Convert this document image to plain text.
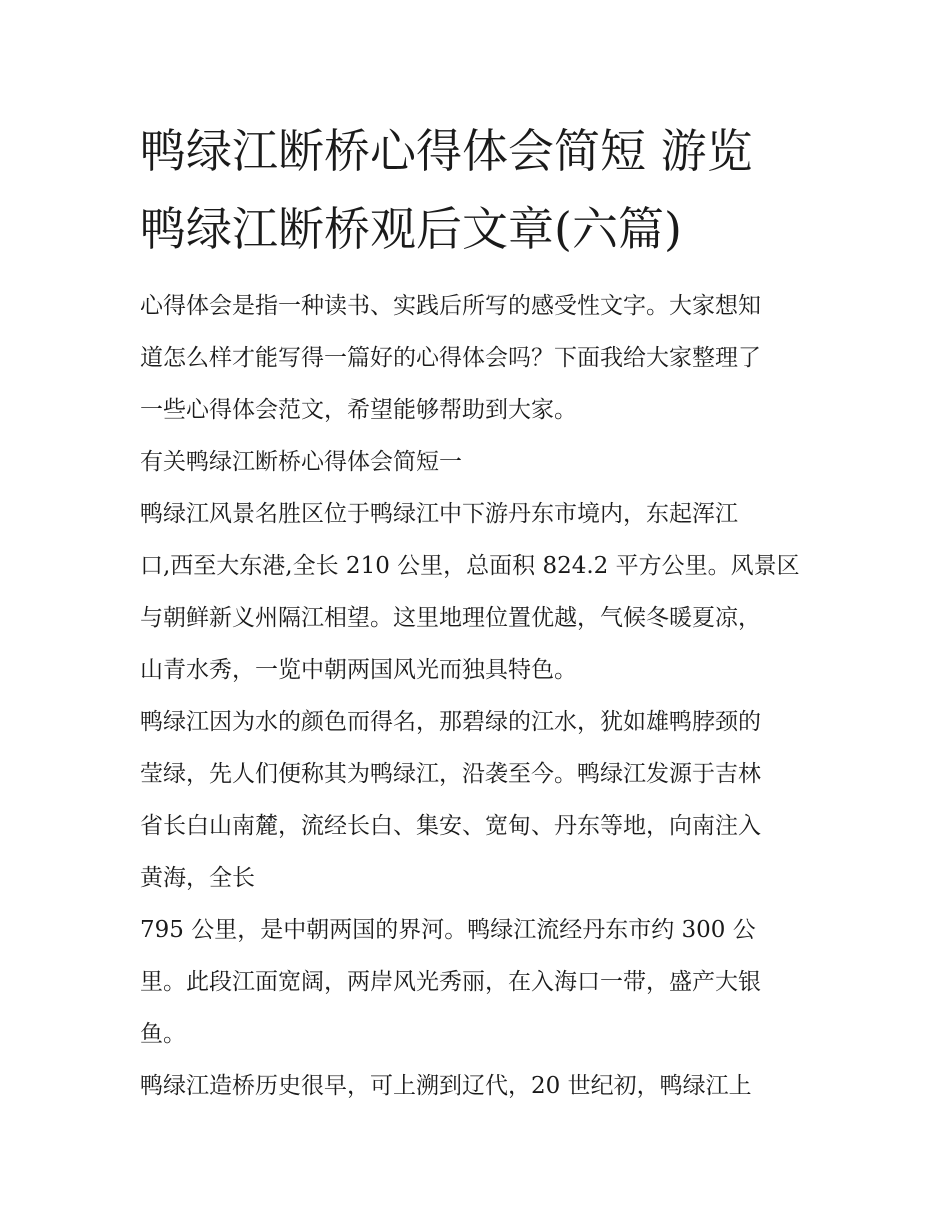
鸭绿江断桥心得体会简短 游览
鸭绿江断桥观后文章(六篇)

心得体会是指一种读书、实践后所写的感受性文字。大家想知
道怎么样才能写得一篇好的心得体会吗？下面我给大家整理了
一些心得体会范文，希望能够帮助到大家。

有关鸭绿江断桥心得体会简短一

鸭绿江风景名胜区位于鸭绿江中下游丹东市境内，东起浑江
口,西至大东港,全长 210 公里，总面积 824.2 平方公里。风景区
与朝鲜新义州隔江相望。这里地理位置优越，气候冬暖夏凉，
山青水秀，一览中朝两国风光而独具特色。

鸭绿江因为水的颜色而得名，那碧绿的江水，犹如雄鸭脖颈的
莹绿，先人们便称其为鸭绿江，沿袭至今。鸭绿江发源于吉林
省长白山南麓，流经长白、集安、宽甸、丹东等地，向南注入
黄海，全长

795 公里，是中朝两国的界河。鸭绿江流经丹东市约 300 公
里。此段江面宽阔，两岸风光秀丽，在入海口一带，盛产大银
鱼。

鸭绿江造桥历史很早，可上溯到辽代，20 世纪初，鸭绿江上
